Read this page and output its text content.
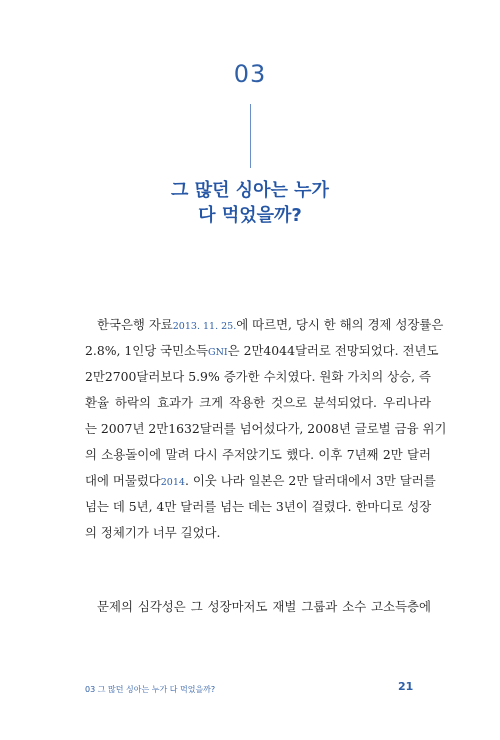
03
그 많던 싱아는 누가
다 먹었을까?
한국은행 자료2013. 11. 25.에 따르면, 당시 한 해의 경제 성장률은
2.8%, 1인당 국민소득GNI은 2만4044달러로 전망되었다. 전년도
2만2700달러보다 5.9% 증가한 수치였다. 원화 가치의 상승, 즉
환율 하락의 효과가 크게 작용한 것으로 분석되었다. 우리나라
는 2007년 2만1632달러를 넘어섰다가, 2008년 글로벌 금융 위기
의 소용돌이에 말려 다시 주저앉기도 했다. 이후 7년째 2만 달러
대에 머물렀다2014. 이웃 나라 일본은 2만 달러대에서 3만 달러를
넘는 데 5년, 4만 달러를 넘는 데는 3년이 걸렸다. 한마디로 성장
의 정체기가 너무 길었다.
문제의 심각성은 그 성장마저도 재벌 그룹과 소수 고소득층에
03 그 많던 싱아는 누가 다 먹었을까?	21
